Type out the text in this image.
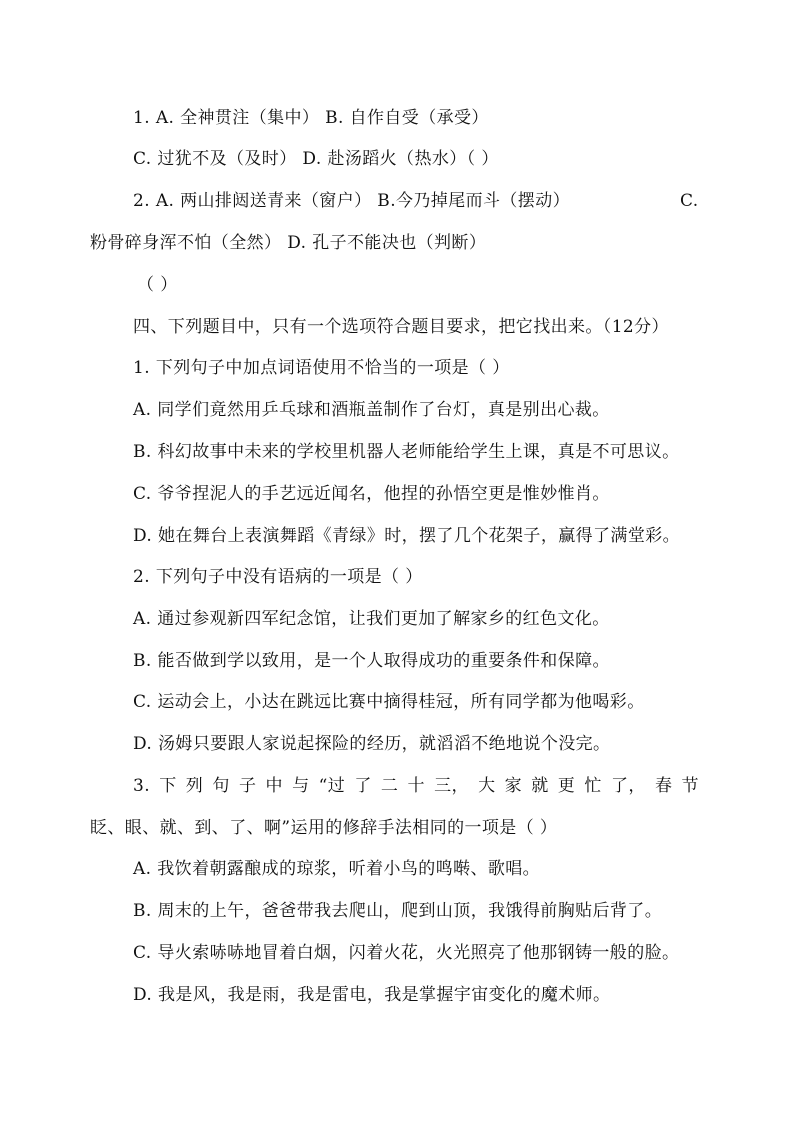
1. A. 全神贯注（集中） B. 自作自受（承受）
C. 过犹不及（及时） D. 赴汤蹈火（热水）（ ）
2. A. 两山排闼送青来（窗户） B.今乃掉尾而斗（摆动）	C.
粉骨碎身浑不怕（全然） D. 孔子不能决也（判断）
（ ）
四、下列题目中，只有一个选项符合题目要求，把它找出来。（12分）
1. 下列句子中加点词语使用不恰当的一项是（ ）
A. 同学们竟然用乒乓球和酒瓶盖制作了台灯，真是别出心裁。
B. 科幻故事中未来的学校里机器人老师能给学生上课，真是不可思议。
C. 爷爷捏泥人的手艺远近闻名，他捏的孙悟空更是惟妙惟肖。
D. 她在舞台上表演舞蹈《青绿》时，摆了几个花架子，赢得了满堂彩。
2. 下列句子中没有语病的一项是（ ）
A. 通过参观新四军纪念馆，让我们更加了解家乡的红色文化。
B. 能否做到学以致用，是一个人取得成功的重要条件和保障。
C. 运动会上，小达在跳远比赛中摘得桂冠，所有同学都为他喝彩。
D. 汤姆只要跟人家说起探险的经历，就滔滔不绝地说个没完。
3. 下 列 句 子 中 与 “过 了 二 十 三， 大 家 就 更 忙 了， 春 节
眨、眼、就、到、了、啊”运用的修辞手法相同的一项是（ ）
A. 我饮着朝露酿成的琼浆，听着小鸟的鸣啭、歌唱。
B. 周末的上午，爸爸带我去爬山，爬到山顶，我饿得前胸贴后背了。
C. 导火索哧哧地冒着白烟，闪着火花，火光照亮了他那钢铸一般的脸。
D. 我是风，我是雨，我是雷电，我是掌握宇宙变化的魔术师。
